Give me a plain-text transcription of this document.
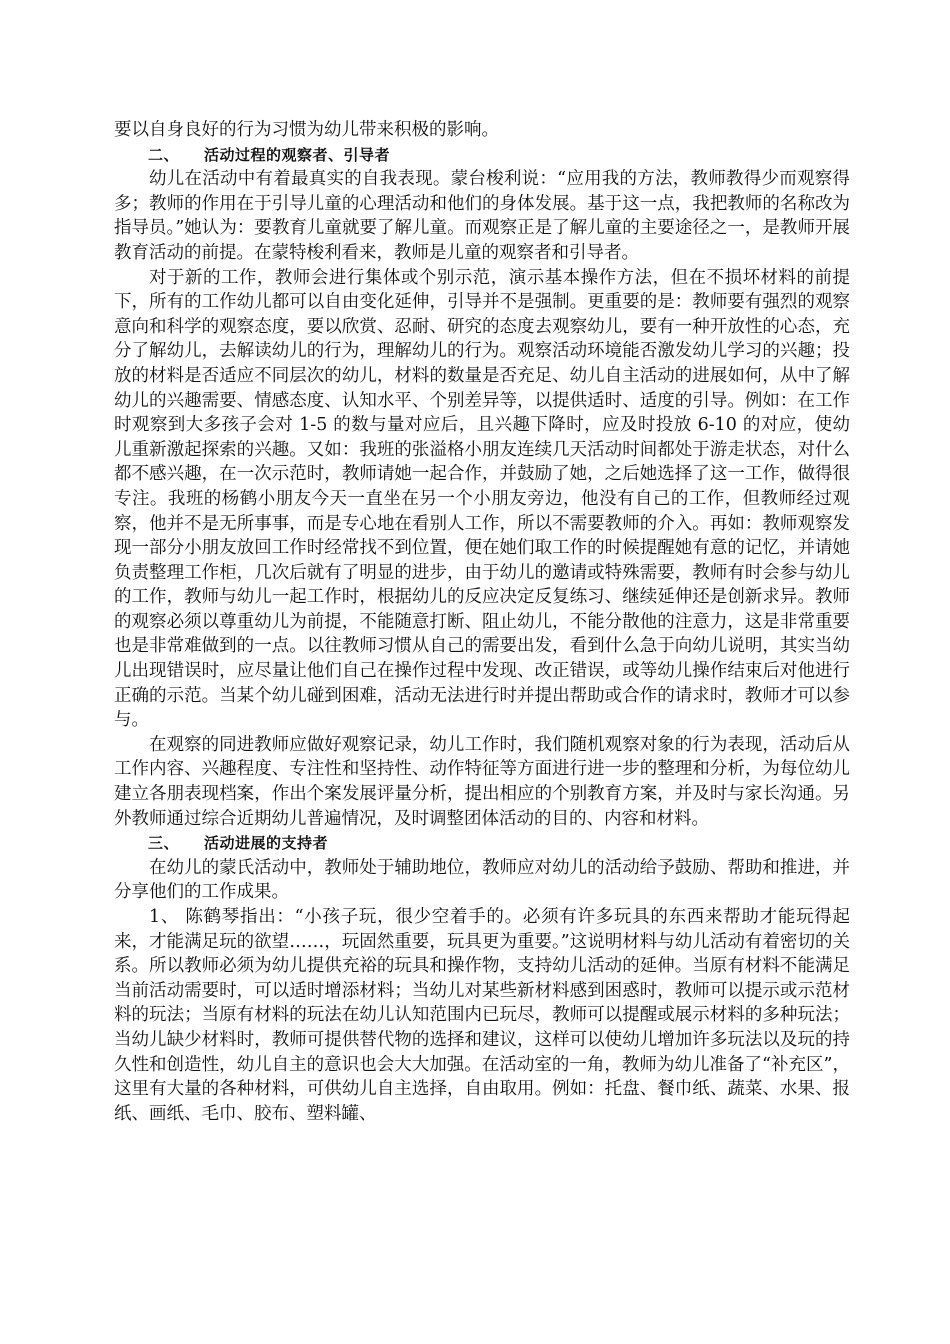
要以自身良好的行为习惯为幼儿带来积极的影响。

二、 活动过程的观察者、引导者

幼儿在活动中有着最真实的自我表现。蒙台梭利说：“应用我的方法，教师教得少而观察得多；教师的作用在于引导儿童的心理活动和他们的身体发展。基于这一点，我把教师的名称改为指导员。”她认为：要教育儿童就要了解儿童。而观察正是了解儿童的主要途径之一，是教师开展教育活动的前提。在蒙特梭利看来，教师是儿童的观察者和引导者。

对于新的工作，教师会进行集体或个别示范，演示基本操作方法，但在不损坏材料的前提下，所有的工作幼儿都可以自由变化延伸，引导并不是强制。更重要的是：教师要有强烈的观察意向和科学的观察态度，要以欣赏、忍耐、研究的态度去观察幼儿，要有一种开放性的心态，充分了解幼儿，去解读幼儿的行为，理解幼儿的行为。观察活动环境能否激发幼儿学习的兴趣；投放的材料是否适应不同层次的幼儿，材料的数量是否充足、幼儿自主活动的进展如何，从中了解幼儿的兴趣需要、情感态度、认知水平、个别差异等，以提供适时、适度的引导。例如：在工作时观察到大多孩子会对 1-5 的数与量对应后，且兴趣下降时，应及时投放 6-10 的对应，使幼儿重新激起探索的兴趣。又如：我班的张溢格小朋友连续几天活动时间都处于游走状态，对什么都不感兴趣，在一次示范时，教师请她一起合作，并鼓励了她，之后她选择了这一工作，做得很专注。我班的杨鹤小朋友今天一直坐在另一个小朋友旁边，他没有自己的工作，但教师经过观察，他并不是无所事事，而是专心地在看别人工作，所以不需要教师的介入。再如：教师观察发现一部分小朋友放回工作时经常找不到位置，便在她们取工作的时候提醒她有意的记忆，并请她负责整理工作柜，几次后就有了明显的进步，由于幼儿的邀请或特殊需要，教师有时会参与幼儿的工作，教师与幼儿一起工作时，根据幼儿的反应决定反复练习、继续延伸还是创新求异。教师的观察必须以尊重幼儿为前提，不能随意打断、阻止幼儿，不能分散他的注意力，这是非常重要也是非常难做到的一点。以往教师习惯从自己的需要出发，看到什么急于向幼儿说明，其实当幼儿出现错误时，应尽量让他们自己在操作过程中发现、改正错误，或等幼儿操作结束后对他进行正确的示范。当某个幼儿碰到困难，活动无法进行时并提出帮助或合作的请求时，教师才可以参与。

在观察的同进教师应做好观察记录，幼儿工作时，我们随机观察对象的行为表现，活动后从工作内容、兴趣程度、专注性和坚持性、动作特征等方面进行进一步的整理和分析，为每位幼儿建立各朋表现档案，作出个案发展评量分析，提出相应的个别教育方案，并及时与家长沟通。另外教师通过综合近期幼儿普遍情况，及时调整团体活动的目的、内容和材料。

三、 活动进展的支持者

在幼儿的蒙氏活动中，教师处于辅助地位，教师应对幼儿的活动给予鼓励、帮助和推进，并分享他们的工作成果。

1、 陈鹤琴指出：“小孩子玩，很少空着手的。必须有许多玩具的东西来帮助才能玩得起来，才能满足玩的欲望……，玩固然重要，玩具更为重要。”这说明材料与幼儿活动有着密切的关系。所以教师必须为幼儿提供充裕的玩具和操作物，支持幼儿活动的延伸。当原有材料不能满足当前活动需要时，可以适时增添材料；当幼儿对某些新材料感到困惑时，教师可以提示或示范材料的玩法；当原有材料的玩法在幼儿认知范围内已玩尽，教师可以提醒或展示材料的多种玩法；当幼儿缺少材料时，教师可提供替代物的选择和建议，这样可以使幼儿增加许多玩法以及玩的持久性和创造性，幼儿自主的意识也会大大加强。在活动室的一角，教师为幼儿准备了“补充区”，这里有大量的各种材料，可供幼儿自主选择，自由取用。例如：托盘、餐巾纸、蔬菜、水果、报纸、画纸、毛巾、胶布、塑料罐、
